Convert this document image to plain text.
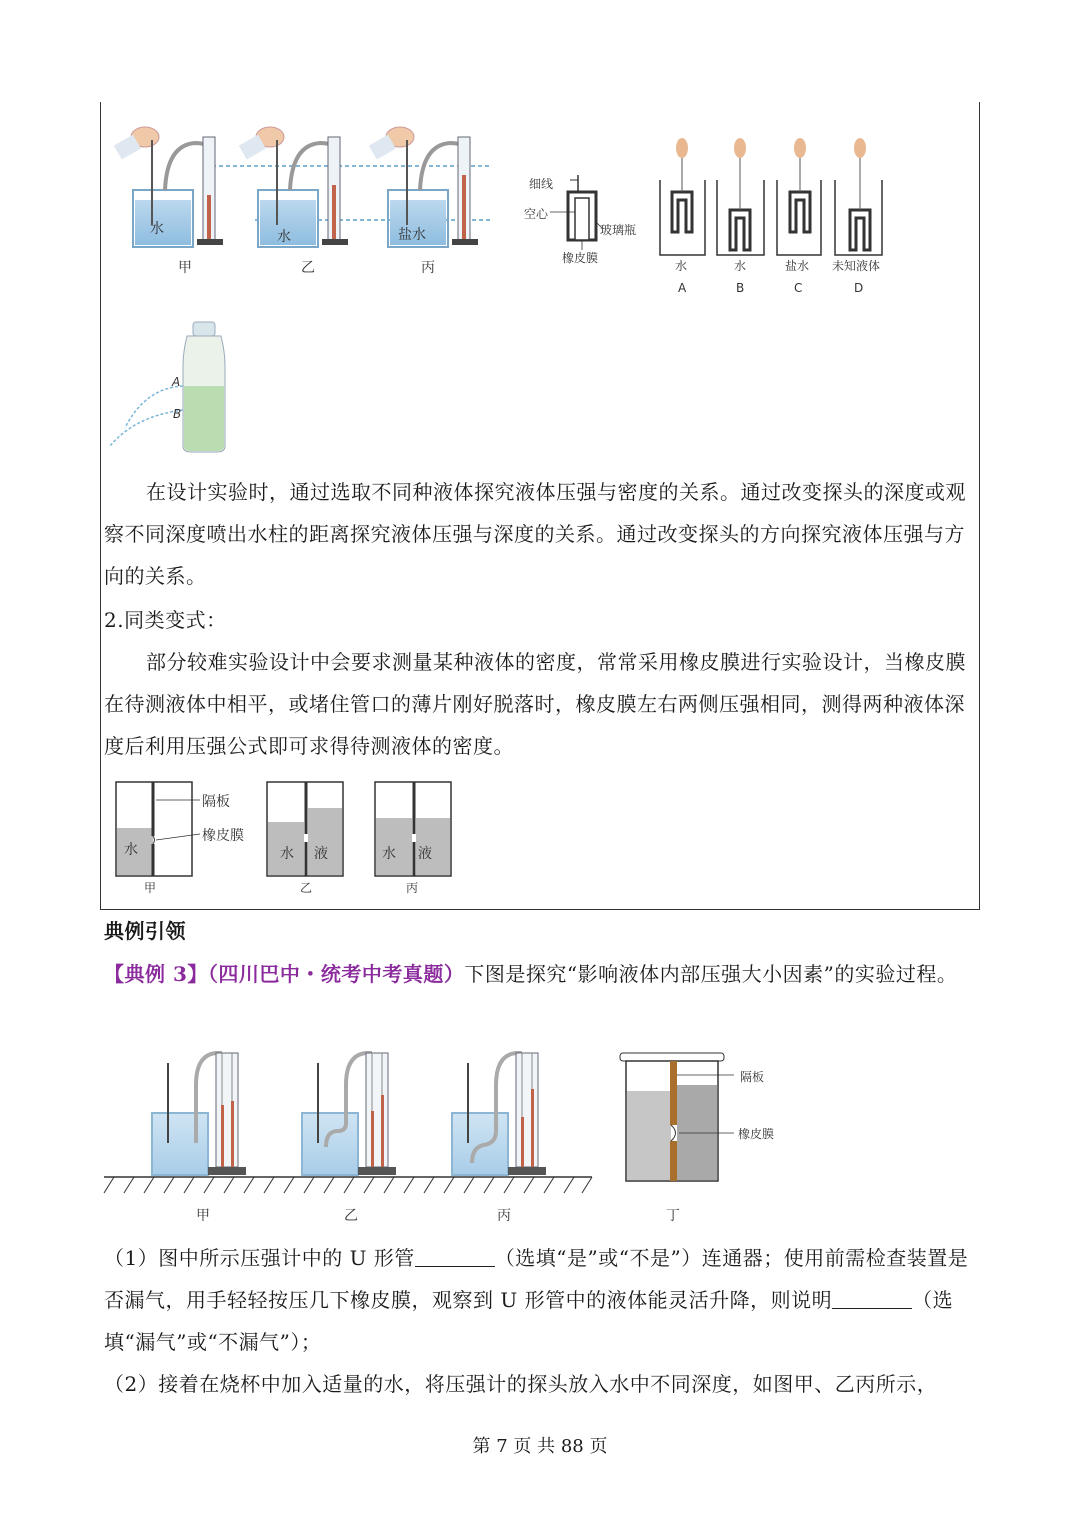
水	水	盐水
甲	乙	丙
细线
空心
玻璃瓶
橡皮膜
水	水	盐水 未知液体
A	B	C	D
A
B
在设计实验时，通过选取不同种液体探究液体压强与密度的关系。通过改变探头的深度或观察不同深度喷出水柱的距离探究液体压强与深度的关系。通过改变探头的方向探究液体压强与方向的关系。
2.同类变式：
部分较难实验设计中会要求测量某种液体的密度，常常采用橡皮膜进行实验设计，当橡皮膜在待测液体中相平，或堵住管口的薄片刚好脱落时，橡皮膜左右两侧压强相同，测得两种液体深度后利用压强公式即可求得待测液体的密度。
隔板
橡皮膜
水
甲
水 液
乙
水 液
丙
典例引领
【典例 3】（四川巴中・统考中考真题）下图是探究“影响液体内部压强大小因素”的实验过程。
隔板
橡皮膜
甲	乙	丙	丁
（1）图中所示压强计中的 U 形管	（选填“是”或“不是”）连通器；使用前需检查装置是否漏气，用手轻轻按压几下橡皮膜，观察到 U 形管中的液体能灵活升降，则说明	（选填“漏气”或“不漏气”）；
（2）接着在烧杯中加入适量的水，将压强计的探头放入水中不同深度，如图甲、乙丙所示，
第 7 页 共 88 页
